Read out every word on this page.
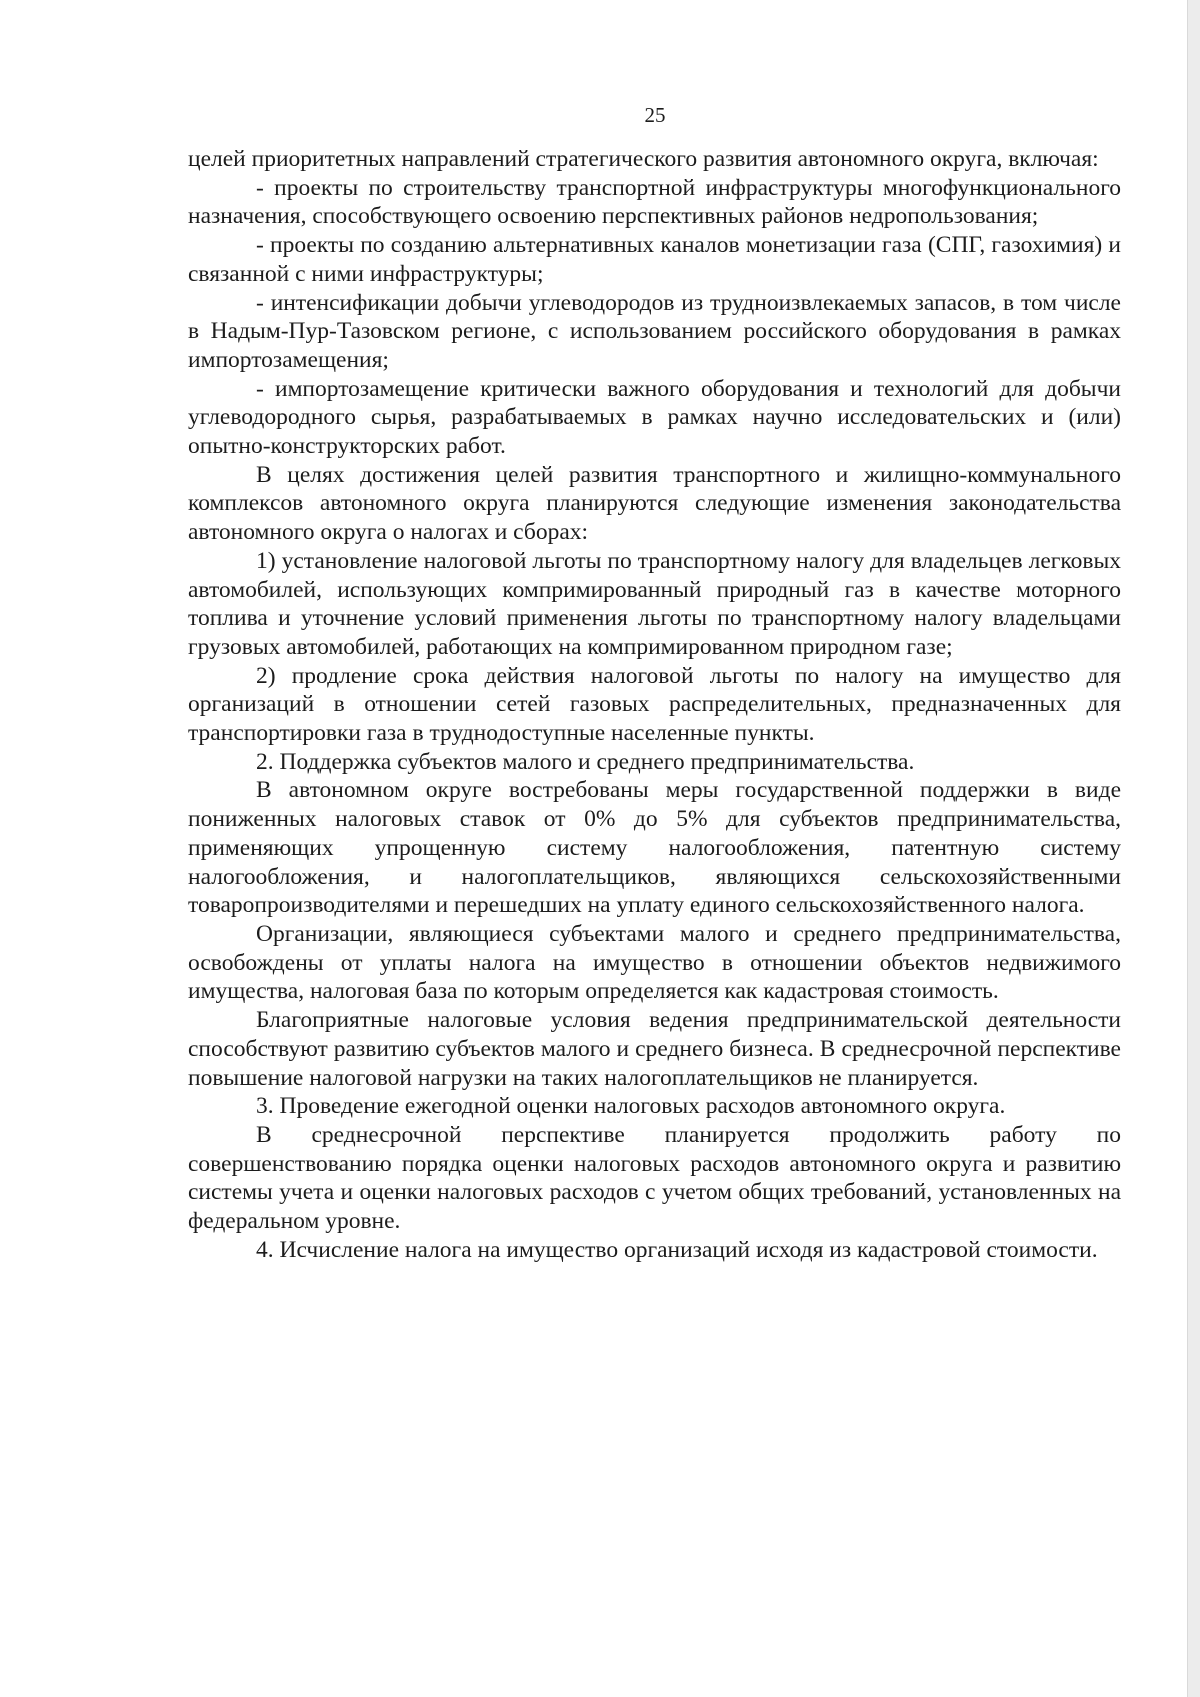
25

целей приоритетных направлений стратегического развития автономного округа, включая:

- проекты по строительству транспортной инфраструктуры многофункционального назначения, способствующего освоению перспективных районов недропользования;

- проекты по созданию альтернативных каналов монетизации газа (СПГ, газохимия) и связанной с ними инфраструктуры;

- интенсификации добычи углеводородов из трудноизвлекаемых запасов, в том числе в Надым-Пур-Тазовском регионе, с использованием российского оборудования в рамках импортозамещения;

- импортозамещение критически важного оборудования и технологий для добычи углеводородного сырья, разрабатываемых в рамках научно исследовательских и (или) опытно-конструкторских работ.

В целях достижения целей развития транспортного и жилищно-коммунального комплексов автономного округа планируются следующие изменения законодательства автономного округа о налогах и сборах:

1) установление налоговой льготы по транспортному налогу для владельцев легковых автомобилей, использующих компримированный природный газ в качестве моторного топлива и уточнение условий применения льготы по транспортному налогу владельцами грузовых автомобилей, работающих на компримированном природном газе;

2) продление срока действия налоговой льготы по налогу на имущество для организаций в отношении сетей газовых распределительных, предназначенных для транспортировки газа в труднодоступные населенные пункты.

2. Поддержка субъектов малого и среднего предпринимательства.

В автономном округе востребованы меры государственной поддержки в виде пониженных налоговых ставок от 0% до 5% для субъектов предпринимательства, применяющих упрощенную систему налогообложения, патентную систему налогообложения, и налогоплательщиков, являющихся сельскохозяйственными товаропроизводителями и перешедших на уплату единого сельскохозяйственного налога.

Организации, являющиеся субъектами малого и среднего предпринимательства, освобождены от уплаты налога на имущество в отношении объектов недвижимого имущества, налоговая база по которым определяется как кадастровая стоимость.

Благоприятные налоговые условия ведения предпринимательской деятельности способствуют развитию субъектов малого и среднего бизнеса. В среднесрочной перспективе повышение налоговой нагрузки на таких налогоплательщиков не планируется.

3. Проведение ежегодной оценки налоговых расходов автономного округа.

В среднесрочной перспективе планируется продолжить работу по совершенствованию порядка оценки налоговых расходов автономного округа и развитию системы учета и оценки налоговых расходов с учетом общих требований, установленных на федеральном уровне.

4. Исчисление налога на имущество организаций исходя из кадастровой стоимости.
